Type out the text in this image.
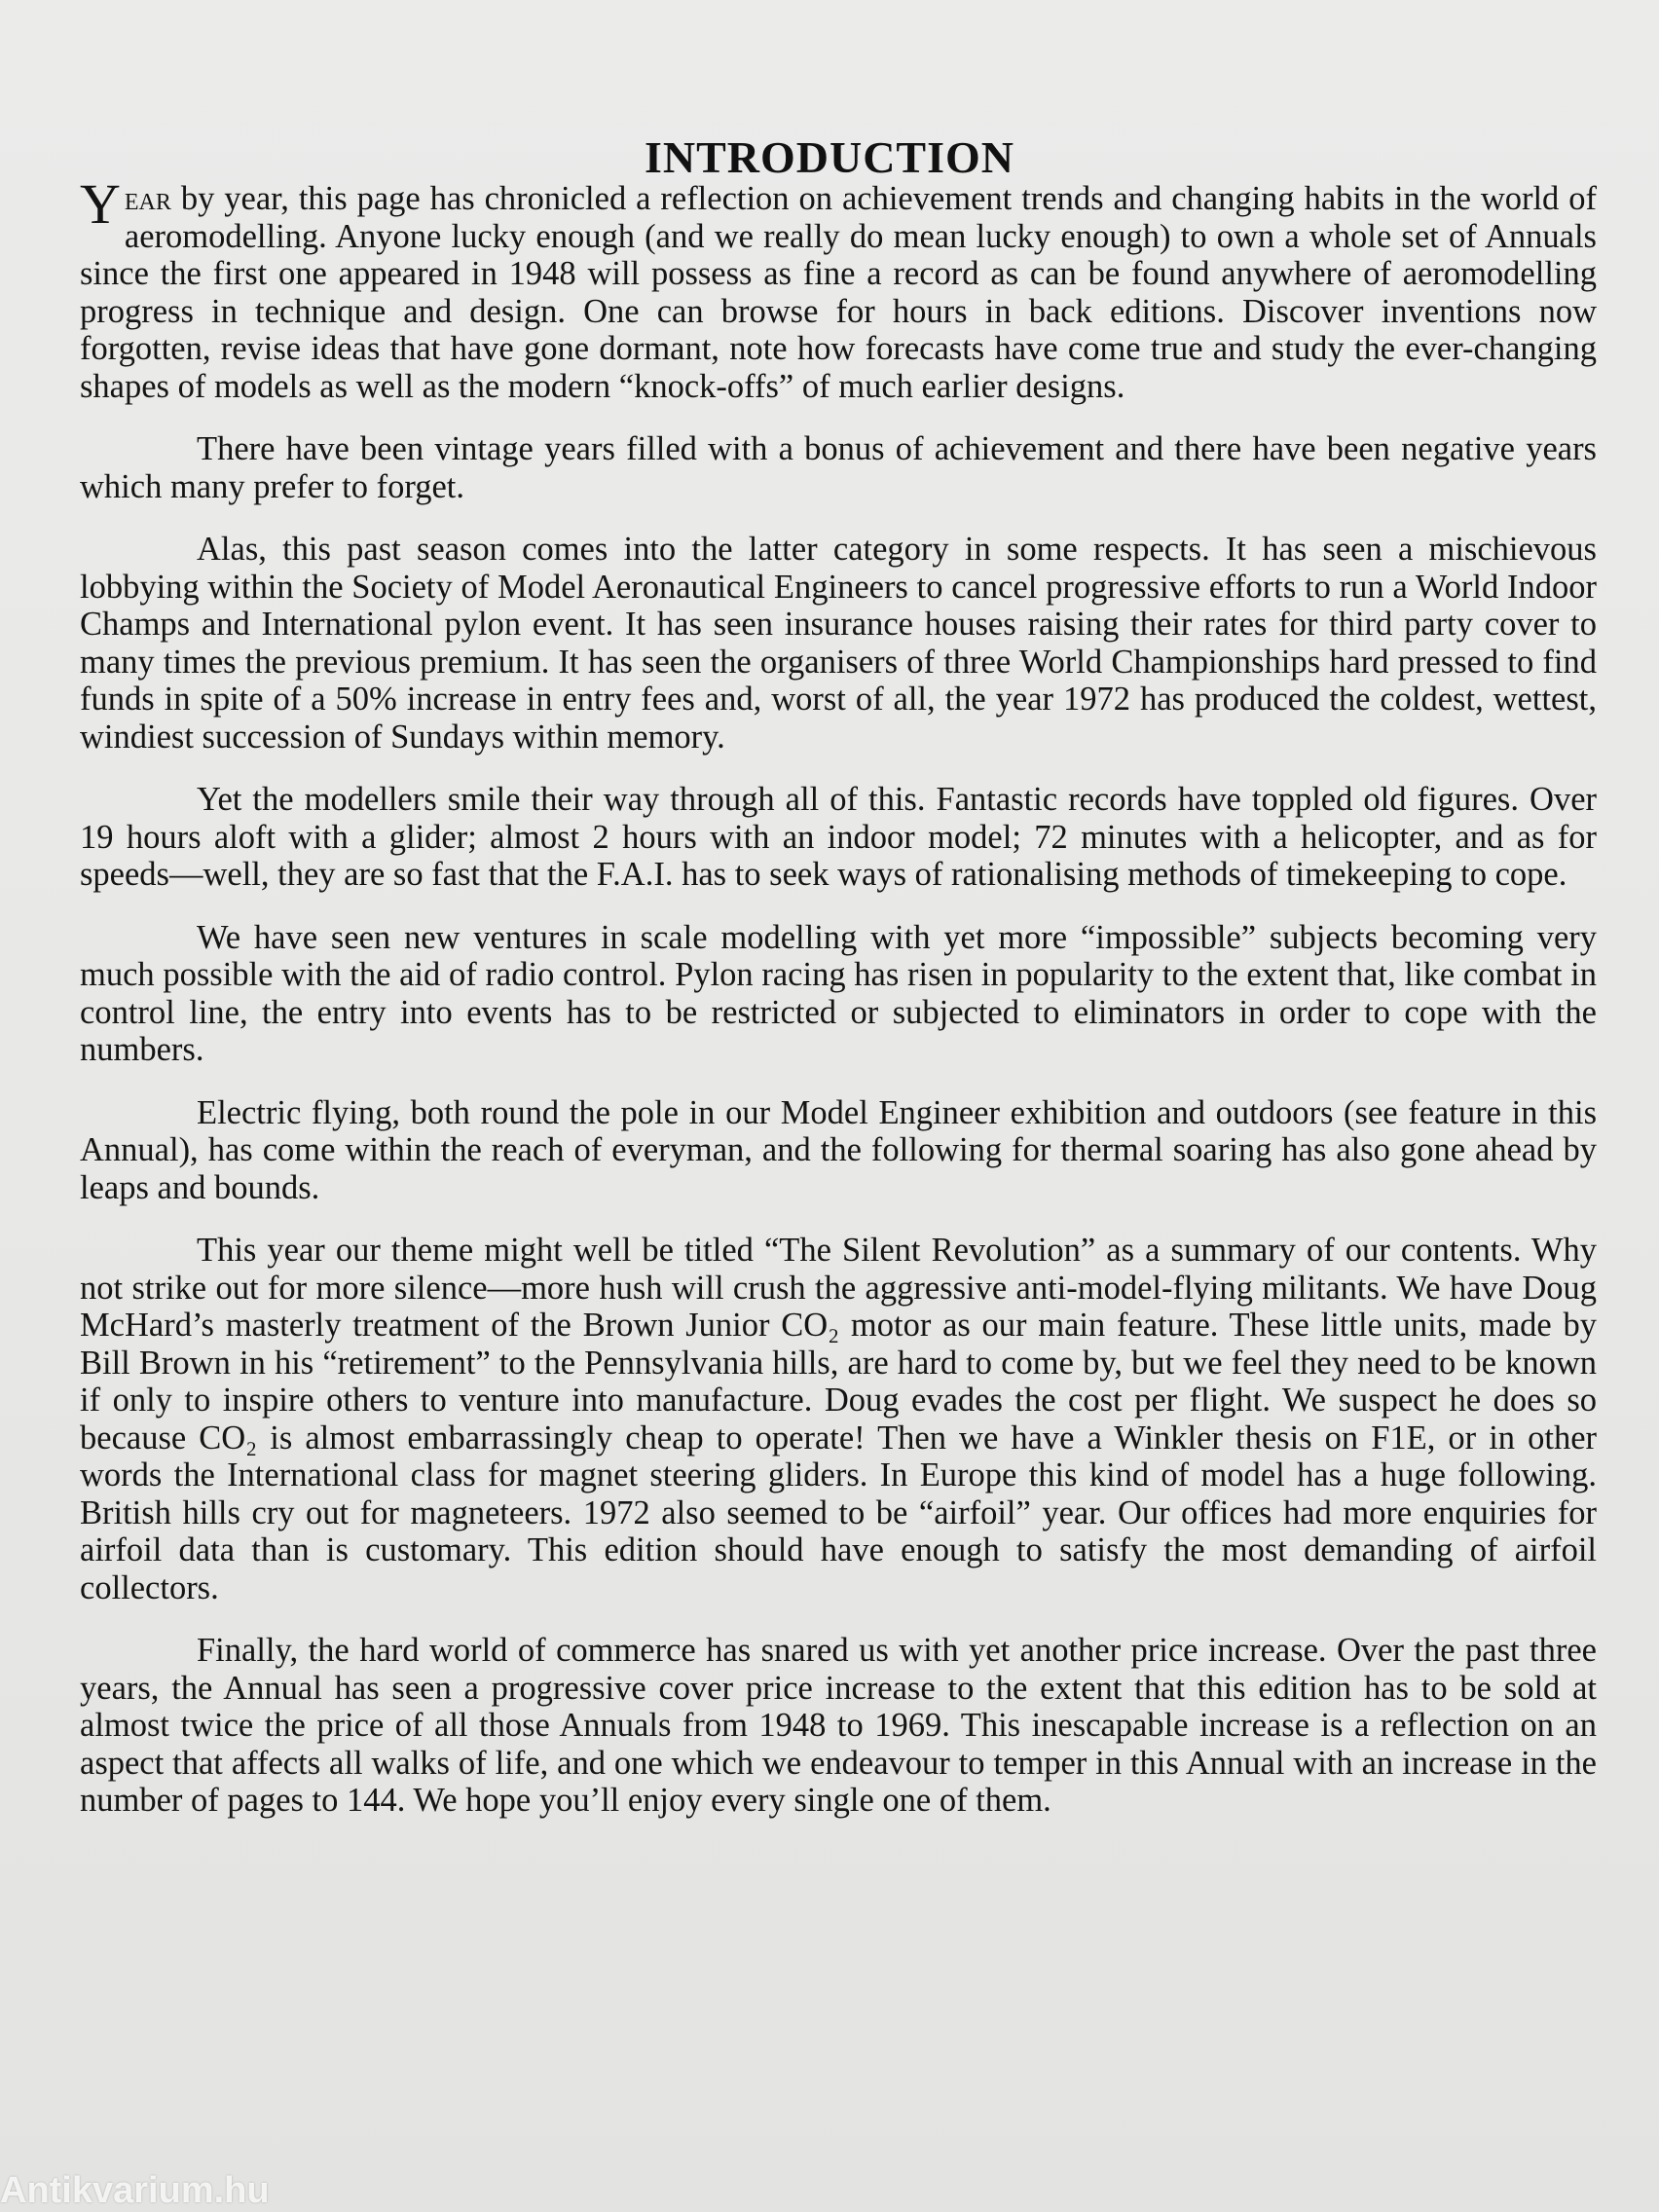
INTRODUCTION

Year by year, this page has chronicled a reflection on achievement trends and changing habits in the world of aeromodelling. Anyone lucky enough (and we really do mean lucky enough) to own a whole set of Annuals since the first one appeared in 1948 will possess as fine a record as can be found anywhere of aeromodelling progress in technique and design. One can browse for hours in back editions. Discover inventions now forgotten, revise ideas that have gone dormant, note how forecasts have come true and study the ever-changing shapes of models as well as the modern “knock-offs” of much earlier designs.

There have been vintage years filled with a bonus of achievement and there have been negative years which many prefer to forget.

Alas, this past season comes into the latter category in some respects. It has seen a mischievous lobbying within the Society of Model Aeronautical Engineers to cancel progressive efforts to run a World Indoor Champs and International pylon event. It has seen insurance houses raising their rates for third party cover to many times the previous premium. It has seen the organisers of three World Championships hard pressed to find funds in spite of a 50% increase in entry fees and, worst of all, the year 1972 has produced the coldest, wettest, windiest succession of Sundays within memory.

Yet the modellers smile their way through all of this. Fantastic records have toppled old figures. Over 19 hours aloft with a glider; almost 2 hours with an indoor model; 72 minutes with a helicopter, and as for speeds—well, they are so fast that the F.A.I. has to seek ways of rationalising methods of timekeeping to cope.

We have seen new ventures in scale modelling with yet more “impossible” subjects becoming very much possible with the aid of radio control. Pylon racing has risen in popularity to the extent that, like combat in control line, the entry into events has to be restricted or subjected to eliminators in order to cope with the numbers.

Electric flying, both round the pole in our Model Engineer exhibition and outdoors (see feature in this Annual), has come within the reach of everyman, and the following for thermal soaring has also gone ahead by leaps and bounds.

This year our theme might well be titled “The Silent Revolution” as a summary of our contents. Why not strike out for more silence—more hush will crush the aggressive anti-model-flying militants. We have Doug McHard’s masterly treatment of the Brown Junior CO₂ motor as our main feature. These little units, made by Bill Brown in his “retirement” to the Pennsylvania hills, are hard to come by, but we feel they need to be known if only to inspire others to venture into manufacture. Doug evades the cost per flight. We suspect he does so because CO₂ is almost embarrassingly cheap to operate! Then we have a Winkler thesis on F1E, or in other words the International class for magnet steering gliders. In Europe this kind of model has a huge following. British hills cry out for magneteers. 1972 also seemed to be “airfoil” year. Our offices had more enquiries for airfoil data than is customary. This edition should have enough to satisfy the most demanding of airfoil collectors.

Finally, the hard world of commerce has snared us with yet another price increase. Over the past three years, the Annual has seen a progressive cover price increase to the extent that this edition has to be sold at almost twice the price of all those Annuals from 1948 to 1969. This inescapable increase is a reflection on an aspect that affects all walks of life, and one which we endeavour to temper in this Annual with an increase in the number of pages to 144. We hope you’ll enjoy every single one of them.

Antikvarium.hu
